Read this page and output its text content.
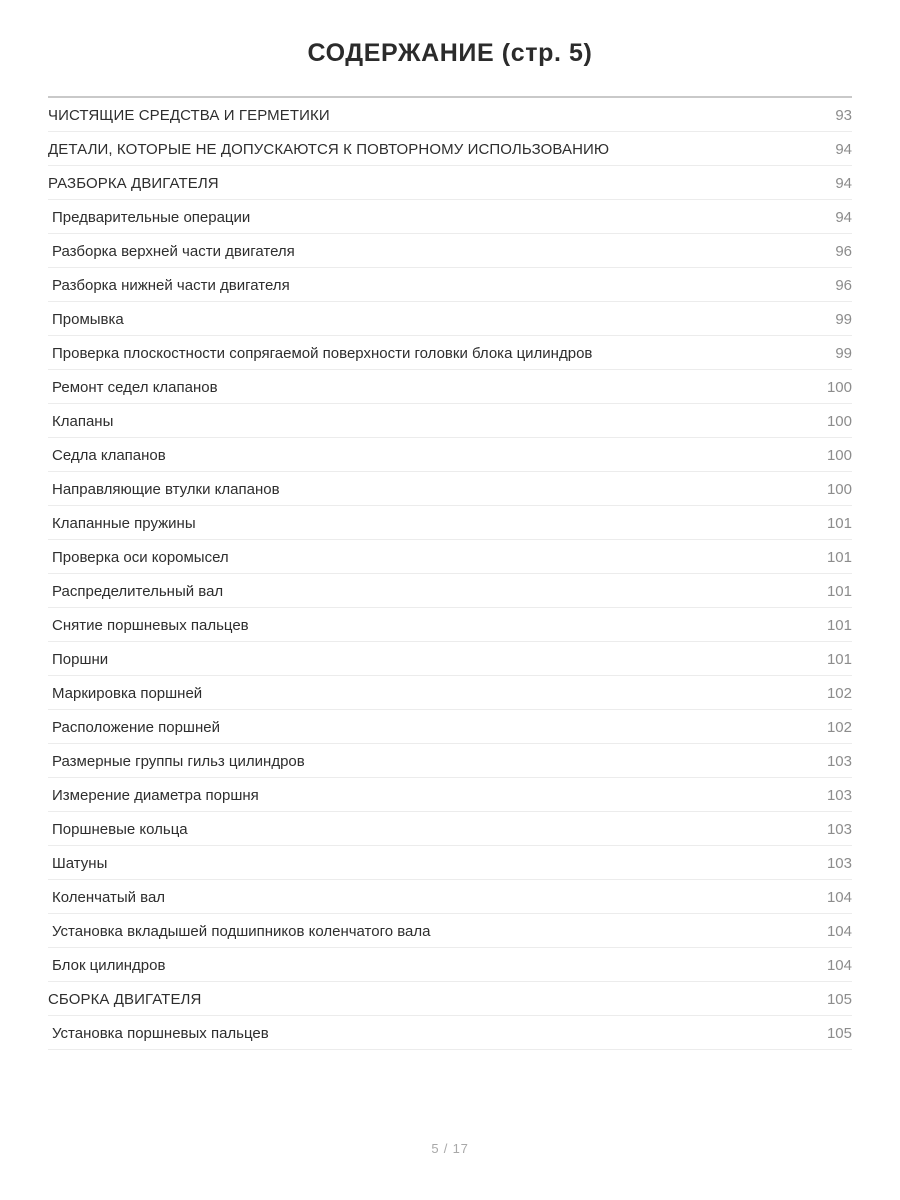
СОДЕРЖАНИЕ (стр. 5)
ЧИСТЯЩИЕ СРЕДСТВА И ГЕРМЕТИКИ	93
ДЕТАЛИ, КОТОРЫЕ НЕ ДОПУСКАЮТСЯ К ПОВТОРНОМУ ИСПОЛЬЗОВАНИЮ	94
РАЗБОРКА ДВИГАТЕЛЯ	94
Предварительные операции	94
Разборка верхней части двигателя	96
Разборка нижней части двигателя	96
Промывка	99
Проверка плоскостности сопрягаемой поверхности головки блока цилиндров	99
Ремонт седел клапанов	100
Клапаны	100
Седла клапанов	100
Направляющие втулки клапанов	100
Клапанные пружины	101
Проверка оси коромысел	101
Распределительный вал	101
Снятие поршневых пальцев	101
Поршни	101
Маркировка поршней	102
Расположение поршней	102
Размерные группы гильз цилиндров	103
Измерение диаметра поршня	103
Поршневые кольца	103
Шатуны	103
Коленчатый вал	104
Установка вкладышей подшипников коленчатого вала	104
Блок цилиндров	104
СБОРКА ДВИГАТЕЛЯ	105
Установка поршневых пальцев	105
5 / 17
